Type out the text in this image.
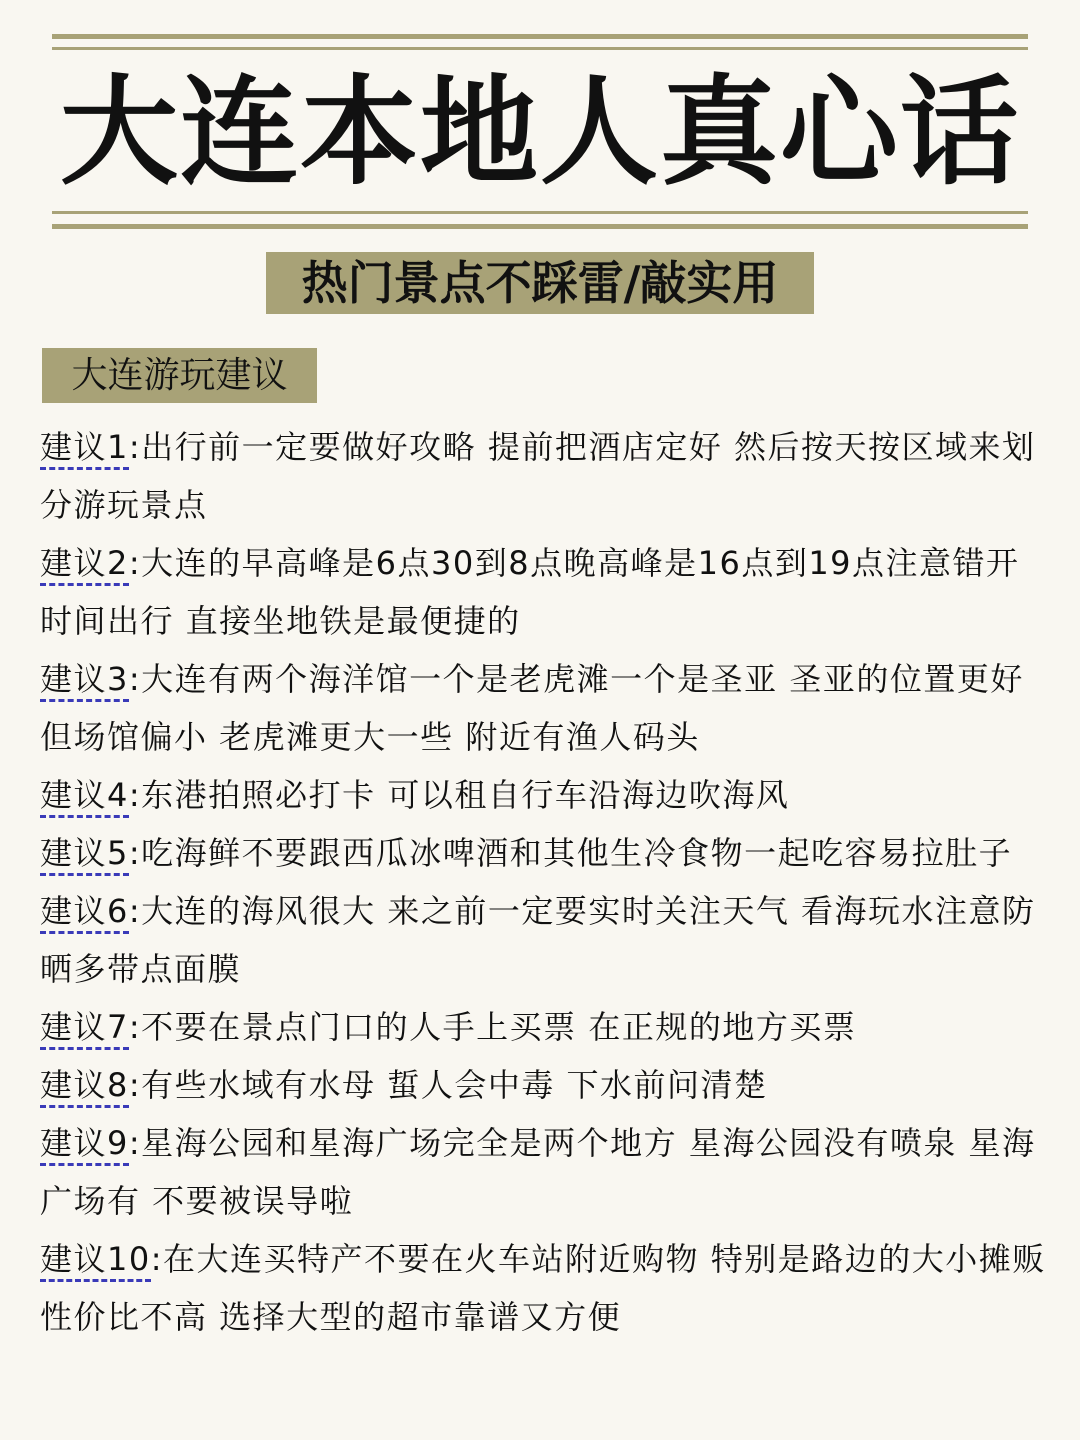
大连本地人真心话
热门景点不踩雷/敲实用
大连游玩建议
建议1:出行前一定要做好攻略 提前把酒店定好 然后按天按区域来划分游玩景点
建议2:大连的早高峰是6点30到8点晚高峰是16点到19点注意错开时间出行 直接坐地铁是最便捷的
建议3:大连有两个海洋馆一个是老虎滩一个是圣亚 圣亚的位置更好但场馆偏小 老虎滩更大一些 附近有渔人码头
建议4:东港拍照必打卡 可以租自行车沿海边吹海风
建议5:吃海鲜不要跟西瓜冰啤酒和其他生冷食物一起吃容易拉肚子
建议6:大连的海风很大 来之前一定要实时关注天气 看海玩水注意防晒多带点面膜
建议7:不要在景点门口的人手上买票 在正规的地方买票
建议8:有些水域有水母 蜇人会中毒 下水前问清楚
建议9:星海公园和星海广场完全是两个地方 星海公园没有喷泉 星海广场有 不要被误导啦
建议10:在大连买特产不要在火车站附近购物 特别是路边的大小摊贩 性价比不高 选择大型的超市靠谱又方便
